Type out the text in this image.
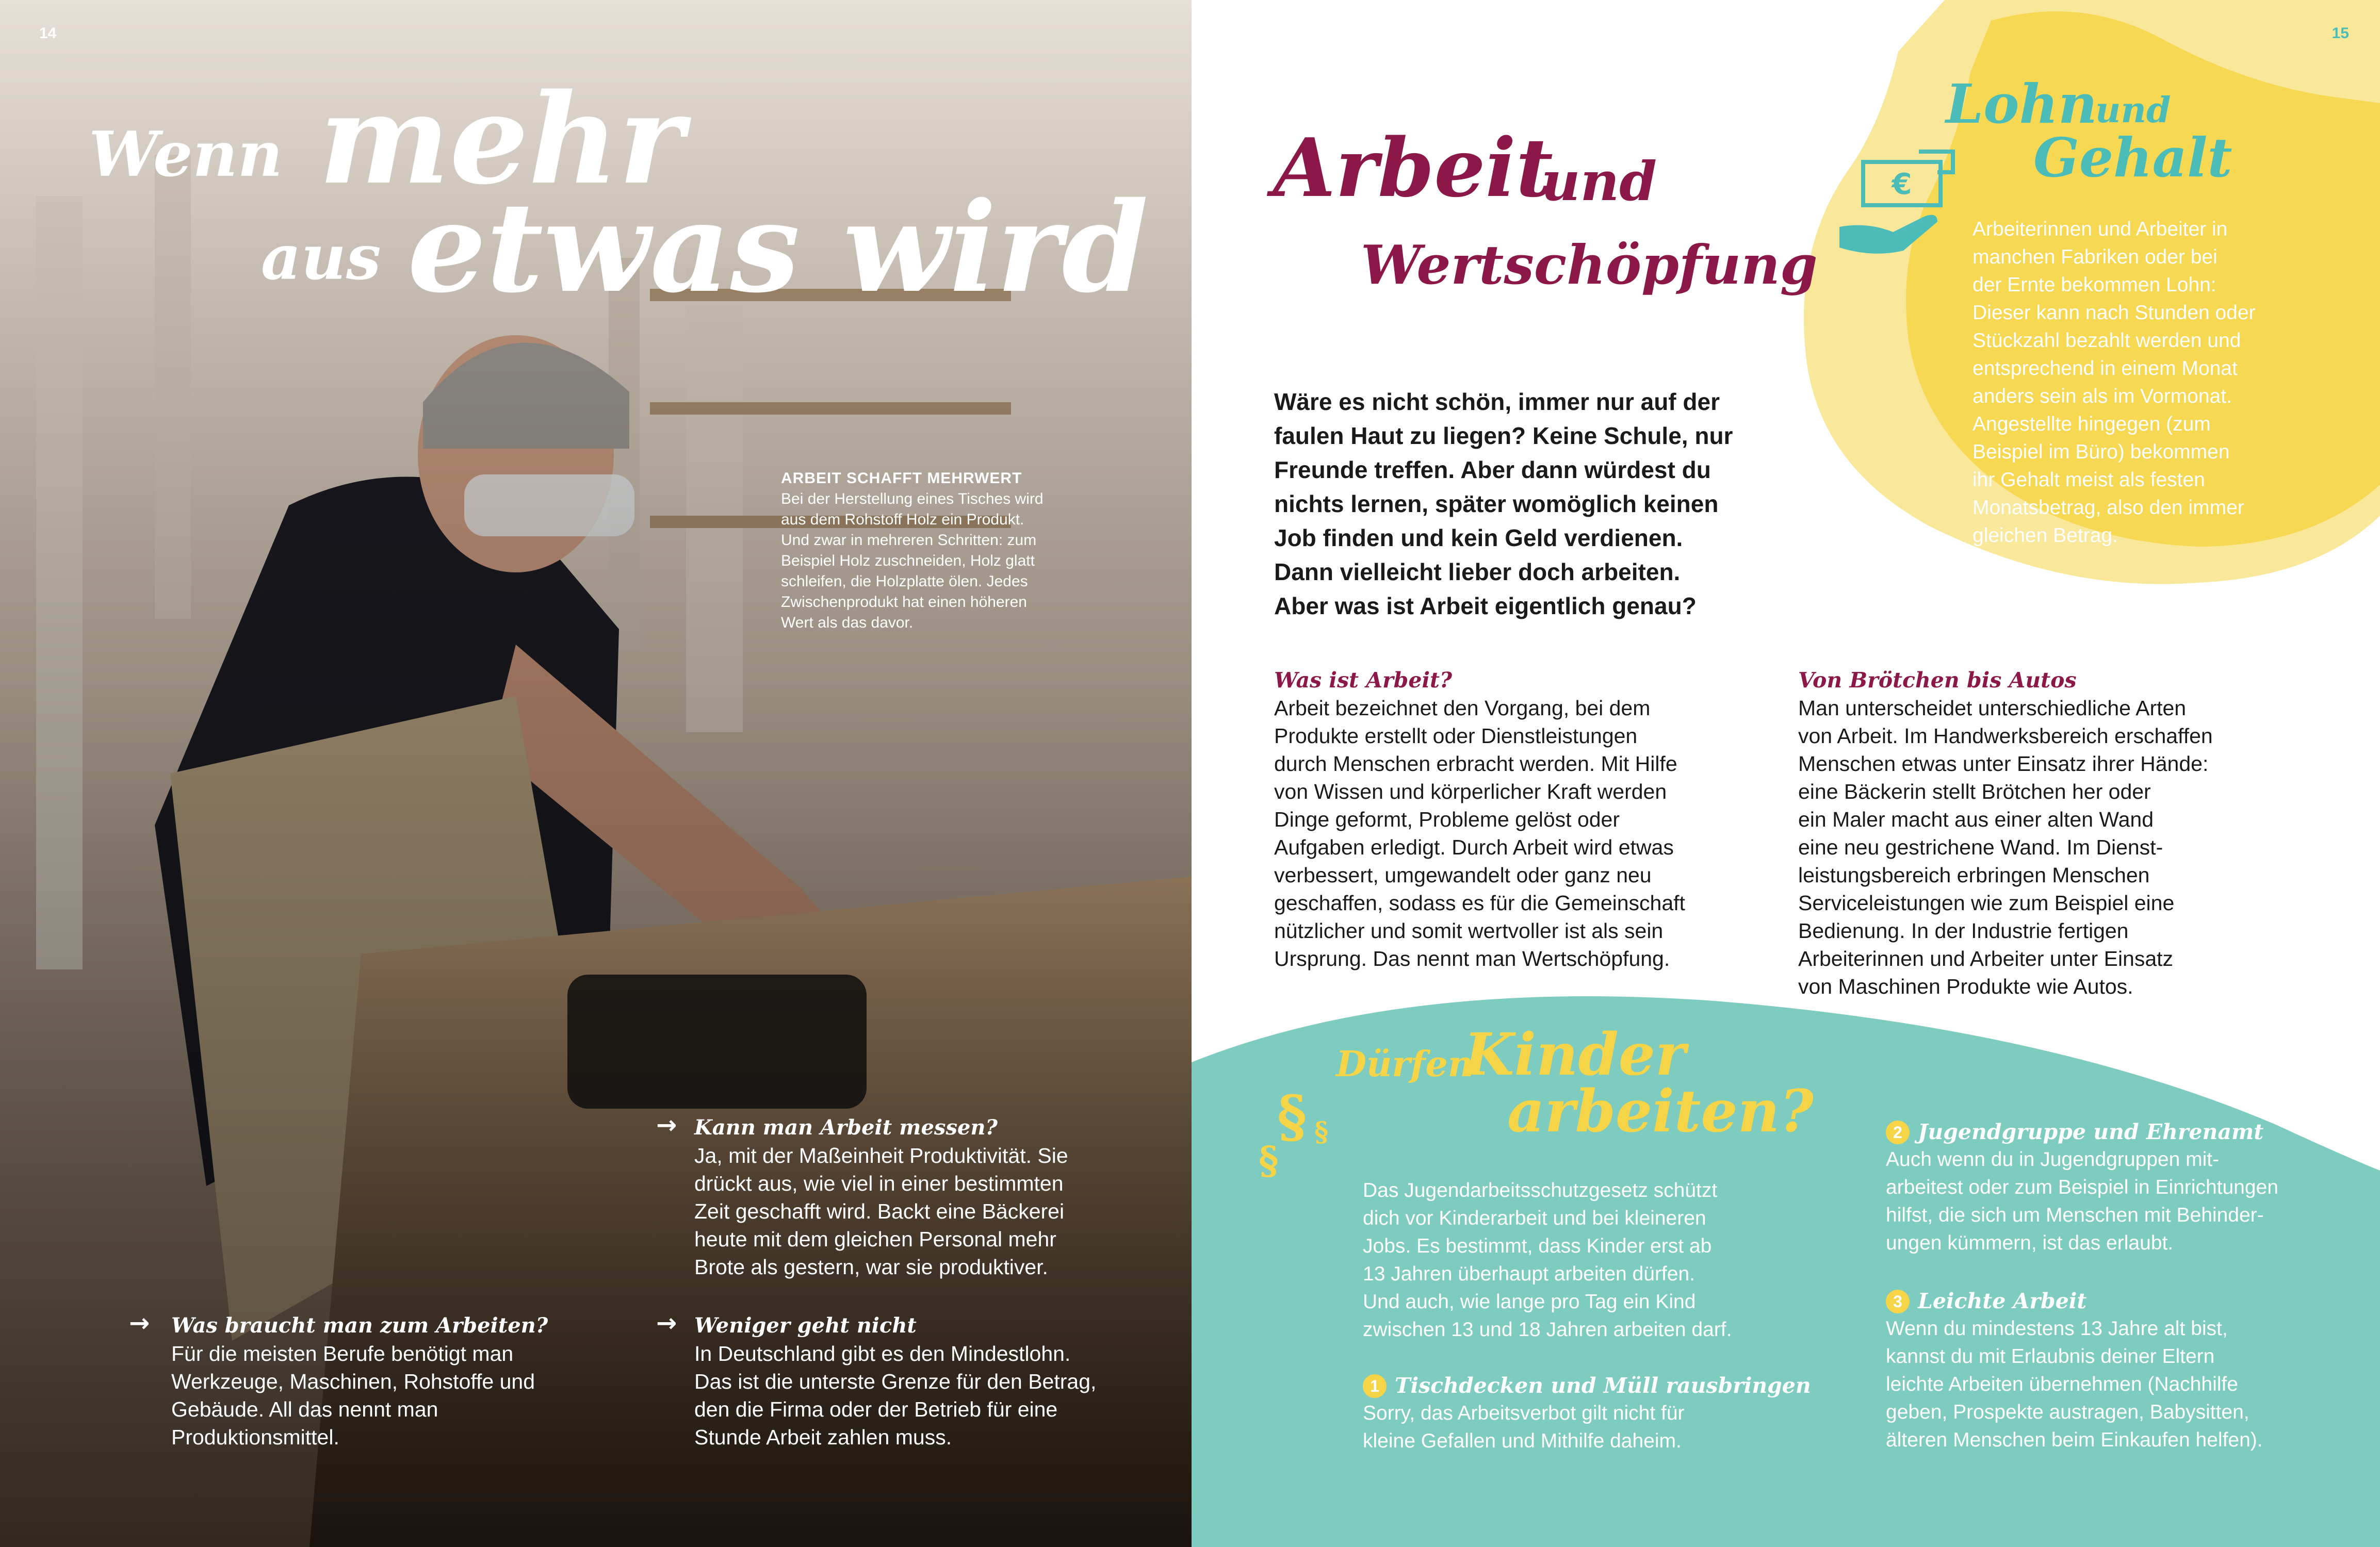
14
Wenn mehr
aus etwas wird
ARBEIT SCHAFFT MEHRWERT

Bei der Herstellung eines Tisches wird
aus dem Rohstoff Holz ein Produkt.
Und zwar in mehreren Schritten: zum
Beispiel Holz zuschneiden, Holz glatt
schleifen, die Holzplatte ölen. Jedes
Zwischenprodukt hat einen höheren
Wert als das davor.

→ Kann man Arbeit messen?

Ja, mit der Maßeinheit Produktivität. Sie
drückt aus, wie viel in einer bestimmten
Zeit geschafft wird. Backt eine Bäckerei
heute mit dem gleichen Personal mehr
Brote als gestern, war sie produktiver.

→ Was braucht man zum Arbeiten?

Für die meisten Berufe benötigt man
Werkzeuge, Maschinen, Rohstoffe und
Gebäude. All das nennt man
Produktionsmittel.

→ Weniger geht nicht

In Deutschland gibt es den Mindestlohn.
Das ist die unterste Grenze für den Betrag,
den die Firma oder der Betrieb für eine
Stunde Arbeit zahlen muss.

15
Arbeit
und
Wertschöpfung

Wäre es nicht schön, immer nur auf der
faulen Haut zu liegen? Keine Schule, nur
Freunde treffen. Aber dann würdest du
nichts lernen, später womöglich keinen
Job finden und kein Geld verdienen.
Dann vielleicht lieber doch arbeiten.
Aber was ist Arbeit eigentlich genau?

Lohn
und
Gehalt
€

Arbeiterinnen und Arbeiter in
manchen Fabriken oder bei
der Ernte bekommen Lohn:
Dieser kann nach Stunden oder
Stückzahl bezahlt werden und
entsprechend in einem Monat
anders sein als im Vormonat.
Angestellte hingegen (zum
Beispiel im Büro) bekommen
ihr Gehalt meist als festen
Monatsbetrag, also den immer
gleichen Betrag.

Was ist Arbeit?

Arbeit bezeichnet den Vorgang, bei dem
Produkte erstellt oder Dienstleistungen
durch Menschen erbracht werden. Mit Hilfe
von Wissen und körperlicher Kraft werden
Dinge geformt, Probleme gelöst oder
Aufgaben erledigt. Durch Arbeit wird etwas
verbessert, umgewandelt oder ganz neu
geschaffen, sodass es für die Gemeinschaft
nützlicher und somit wertvoller ist als sein
Ursprung. Das nennt man Wertschöpfung.

Von Brötchen bis Autos

Man unterscheidet unterschiedliche Arten
von Arbeit. Im Handwerksbereich erschaffen
Menschen etwas unter Einsatz ihrer Hände:
eine Bäckerin stellt Brötchen her oder
ein Maler macht aus einer alten Wand
eine neu gestrichene Wand. Im Dienst-
leistungsbereich erbringen Menschen
Serviceleistungen wie zum Beispiel eine
Bedienung. In der Industrie fertigen
Arbeiterinnen und Arbeiter unter Einsatz
von Maschinen Produkte wie Autos.

Dürfen
Kinder
arbeiten?
§ §
§

Das Jugendarbeitsschutzgesetz schützt
dich vor Kinderarbeit und bei kleineren
Jobs. Es bestimmt, dass Kinder erst ab
13 Jahren überhaupt arbeiten dürfen.
Und auch, wie lange pro Tag ein Kind
zwischen 13 und 18 Jahren arbeiten darf.

1 Tischdecken und Müll rausbringen

Sorry, das Arbeitsverbot gilt nicht für
kleine Gefallen und Mithilfe daheim.

2 Jugendgruppe und Ehrenamt

Auch wenn du in Jugendgruppen mit-
arbeitest oder zum Beispiel in Einrichtungen
hilfst, die sich um Menschen mit Behinder-
ungen kümmern, ist das erlaubt.

3 Leichte Arbeit

Wenn du mindestens 13 Jahre alt bist,
kannst du mit Erlaubnis deiner Eltern
leichte Arbeiten übernehmen (Nachhilfe
geben, Prospekte austragen, Babysitten,
älteren Menschen beim Einkaufen helfen).
